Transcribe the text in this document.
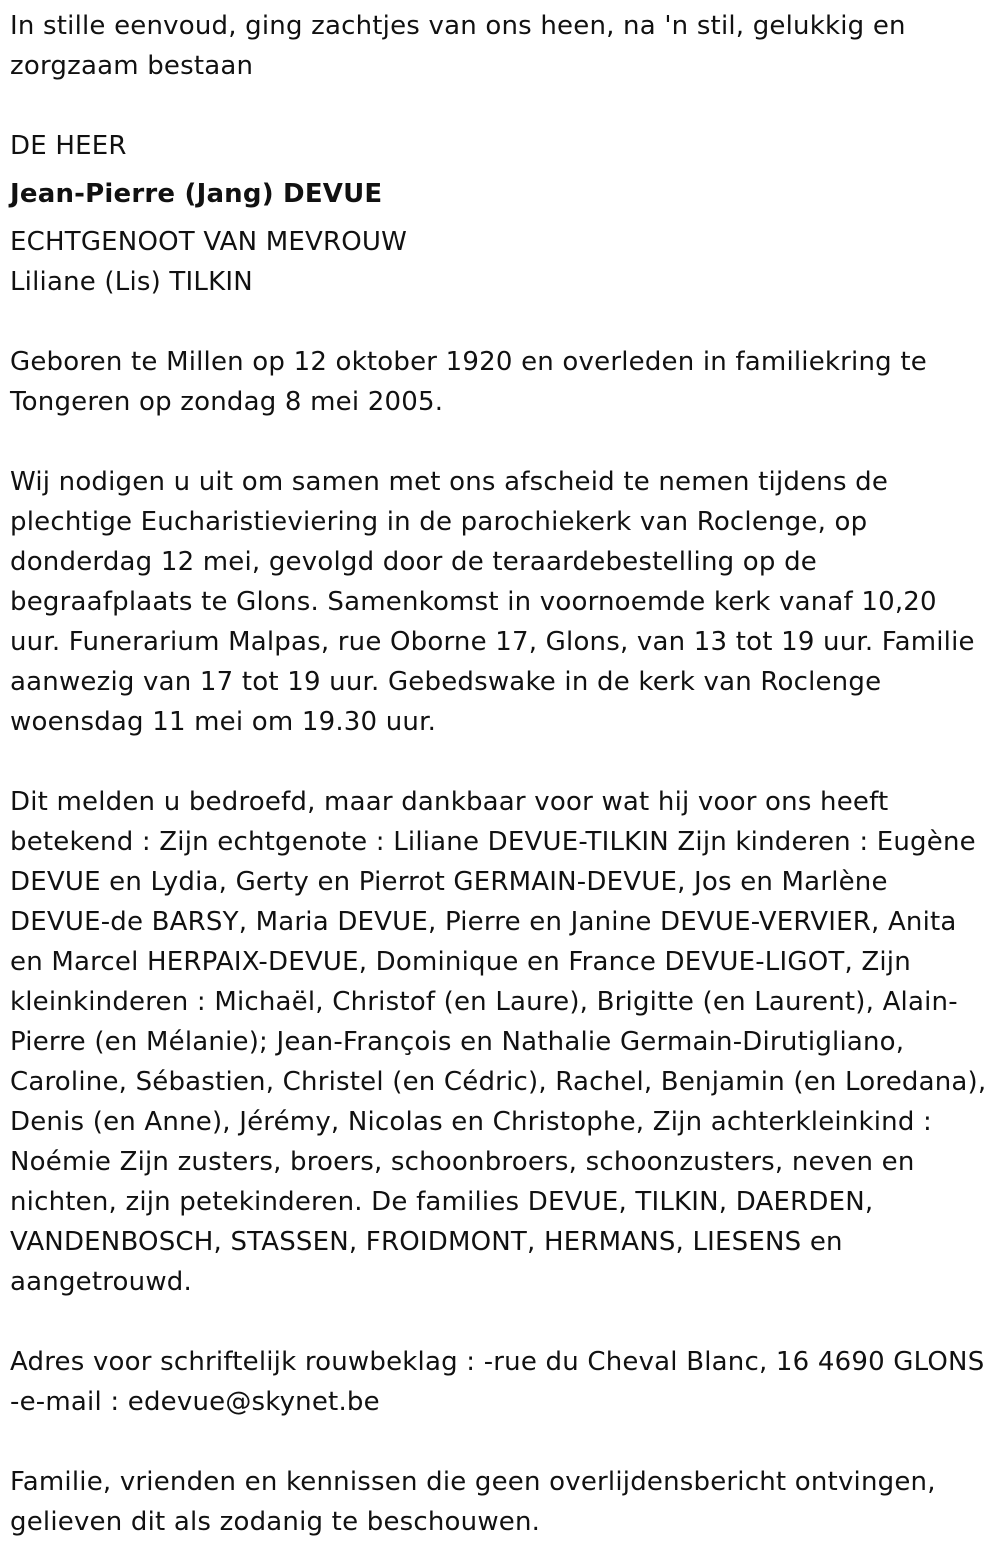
In stille eenvoud, ging zachtjes van ons heen, na 'n stil, gelukkig en zorgzaam bestaan
DE HEER
Jean-Pierre (Jang) DEVUE
ECHTGENOOT VAN MEVROUW
Liliane (Lis) TILKIN
Geboren te Millen op 12 oktober 1920 en overleden in familiekring te Tongeren op zondag 8 mei 2005.
Wij nodigen u uit om samen met ons afscheid te nemen tijdens de plechtige Eucharistieviering in de parochiekerk van Roclenge, op donderdag 12 mei, gevolgd door de teraardebestelling op de begraafplaats te Glons. Samenkomst in voornoemde kerk vanaf 10,20 uur. Funerarium Malpas, rue Oborne 17, Glons, van 13 tot 19 uur. Familie aanwezig van 17 tot 19 uur. Gebedswake in de kerk van Roclenge woensdag 11 mei om 19.30 uur.
Dit melden u bedroefd, maar dankbaar voor wat hij voor ons heeft betekend : Zijn echtgenote : Liliane DEVUE-TILKIN Zijn kinderen : Eugène DEVUE en Lydia, Gerty en Pierrot GERMAIN-DEVUE, Jos en Marlène DEVUE-de BARSY, Maria DEVUE, Pierre en Janine DEVUE-VERVIER, Anita en Marcel HERPAIX-DEVUE, Dominique en France DEVUE-LIGOT, Zijn kleinkinderen : Michaël, Christof (en Laure), Brigitte (en Laurent), Alain-Pierre (en Mélanie); Jean-François en Nathalie Germain-Dirutigliano, Caroline, Sébastien, Christel (en Cédric), Rachel, Benjamin (en Loredana), Denis (en Anne), Jérémy, Nicolas en Christophe, Zijn achterkleinkind : Noémie Zijn zusters, broers, schoonbroers, schoonzusters, neven en nichten, zijn petekinderen. De families DEVUE, TILKIN, DAERDEN, VANDENBOSCH, STASSEN, FROIDMONT, HERMANS, LIESENS en aangetrouwd.
Adres voor schriftelijk rouwbeklag : -rue du Cheval Blanc, 16 4690 GLONS
-e-mail : edevue@skynet.be
Familie, vrienden en kennissen die geen overlijdensbericht ontvingen, gelieven dit als zodanig te beschouwen.
